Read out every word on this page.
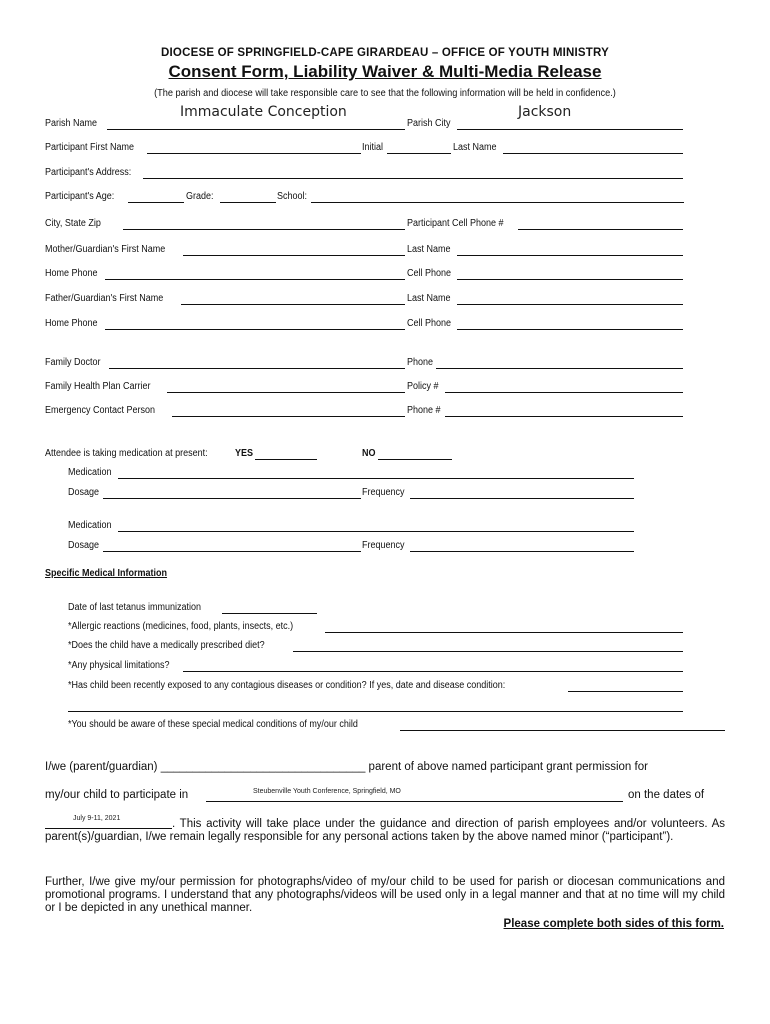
DIOCESE OF SPRINGFIELD-CAPE GIRARDEAU – OFFICE OF YOUTH MINISTRY
Consent Form, Liability Waiver & Multi-Media Release
(The parish and diocese will take responsible care to see that the following information will be held in confidence.)
Parish Name
Immaculate Conception
Parish City
Jackson
Participant First Name	Initial	Last Name
Participant's Address:
Participant's Age:	Grade:	School:
City, State Zip	Participant Cell Phone #
Mother/Guardian's First Name	Last Name
Home Phone	Cell Phone
Father/Guardian's First Name	Last Name
Home Phone	Cell Phone
Family Doctor	Phone
Family Health Plan Carrier	Policy #
Emergency Contact Person	Phone #
Attendee is taking medication at present:	YES	NO
Medication
Dosage	Frequency
Medication
Dosage	Frequency
Specific Medical Information
Date of last tetanus immunization
*Allergic reactions (medicines, food, plants, insects, etc.)
*Does the child have a medically prescribed diet?
*Any physical limitations?
*Has child been recently exposed to any contagious diseases or condition? If yes, date and disease condition:
*You should be aware of these special medical conditions of my/our child
I/we (parent/guardian) ________________________________ parent of above named participant grant permission for
my/our child to participate in	Steubenville Youth Conference, Springfield, MO	on the dates of
July 9-11, 2021	. This activity will take place under the guidance and direction of parish employees and/or volunteers. As parent(s)/guardian, I/we remain legally responsible for any personal actions taken by the above named minor (“participant”).
Further, I/we give my/our permission for photographs/video of my/our child to be used for parish or diocesan communications and promotional programs. I understand that any photographs/videos will be used only in a legal manner and that at no time will my child or I be depicted in any unethical manner.
Please complete both sides of this form.
